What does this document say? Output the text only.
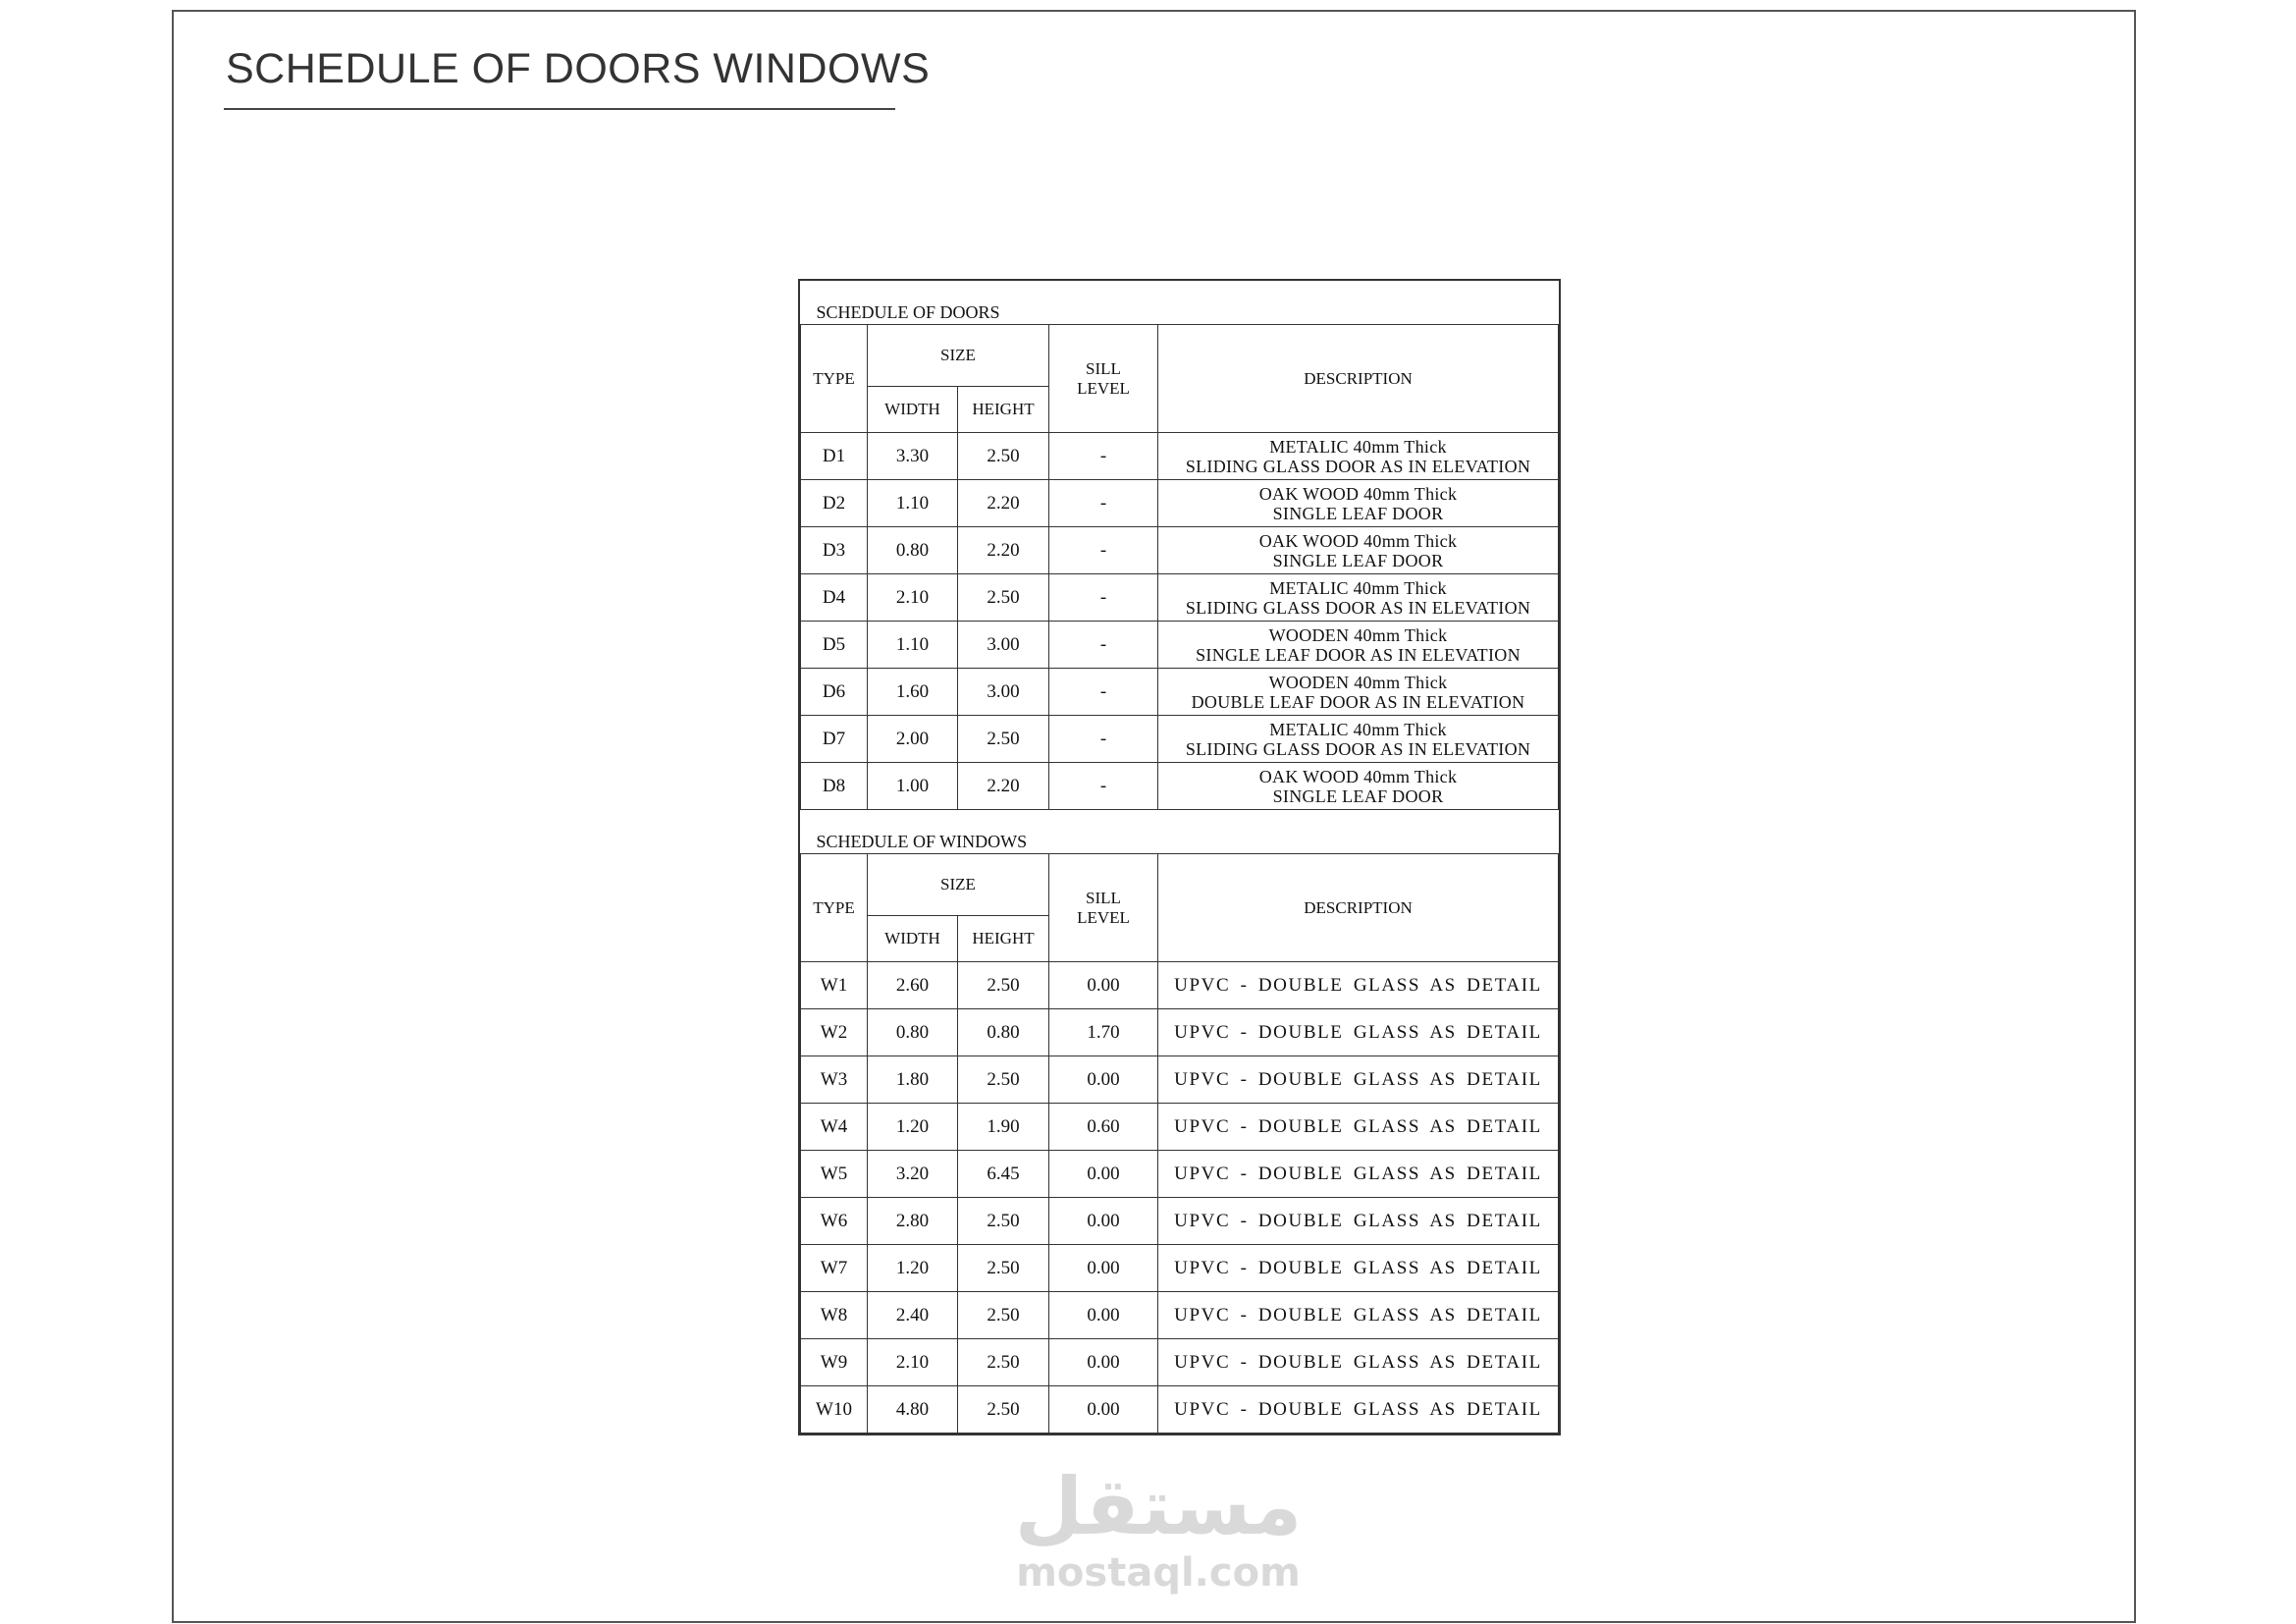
SCHEDULE OF DOORS WINDOWS
SCHEDULE OF DOORS				
TYPE	SIZE		SILL
LEVEL	DESCRIPTION
	WIDTH	HEIGHT		
D1	3.30	2.50	-	METALIC 40mm Thick
SLIDING GLASS DOOR AS IN ELEVATION
D2	1.10	2.20	-	OAK WOOD 40mm Thick
SINGLE LEAF DOOR
D3	0.80	2.20	-	OAK WOOD 40mm Thick
SINGLE LEAF DOOR
D4	2.10	2.50	-	METALIC 40mm Thick
SLIDING GLASS DOOR AS IN ELEVATION
D5	1.10	3.00	-	WOODEN 40mm Thick
SINGLE LEAF DOOR AS IN ELEVATION
D6	1.60	3.00	-	WOODEN 40mm Thick
DOUBLE LEAF DOOR AS IN ELEVATION
D7	2.00	2.50	-	METALIC 40mm Thick
SLIDING GLASS DOOR AS IN ELEVATION
D8	1.00	2.20	-	OAK WOOD 40mm Thick
SINGLE LEAF DOOR
SCHEDULE OF WINDOWS				
TYPE	SIZE		SILL
LEVEL	DESCRIPTION
	WIDTH	HEIGHT		
W1	2.60	2.50	0.00	UPVC - DOUBLE GLASS AS DETAIL
W2	0.80	0.80	1.70	UPVC - DOUBLE GLASS AS DETAIL
W3	1.80	2.50	0.00	UPVC - DOUBLE GLASS AS DETAIL
W4	1.20	1.90	0.60	UPVC - DOUBLE GLASS AS DETAIL
W5	3.20	6.45	0.00	UPVC - DOUBLE GLASS AS DETAIL
W6	2.80	2.50	0.00	UPVC - DOUBLE GLASS AS DETAIL
W7	1.20	2.50	0.00	UPVC - DOUBLE GLASS AS DETAIL
W8	2.40	2.50	0.00	UPVC - DOUBLE GLASS AS DETAIL
W9	2.10	2.50	0.00	UPVC - DOUBLE GLASS AS DETAIL
W10	4.80	2.50	0.00	UPVC - DOUBLE GLASS AS DETAIL
مستقل
mostaql.com
